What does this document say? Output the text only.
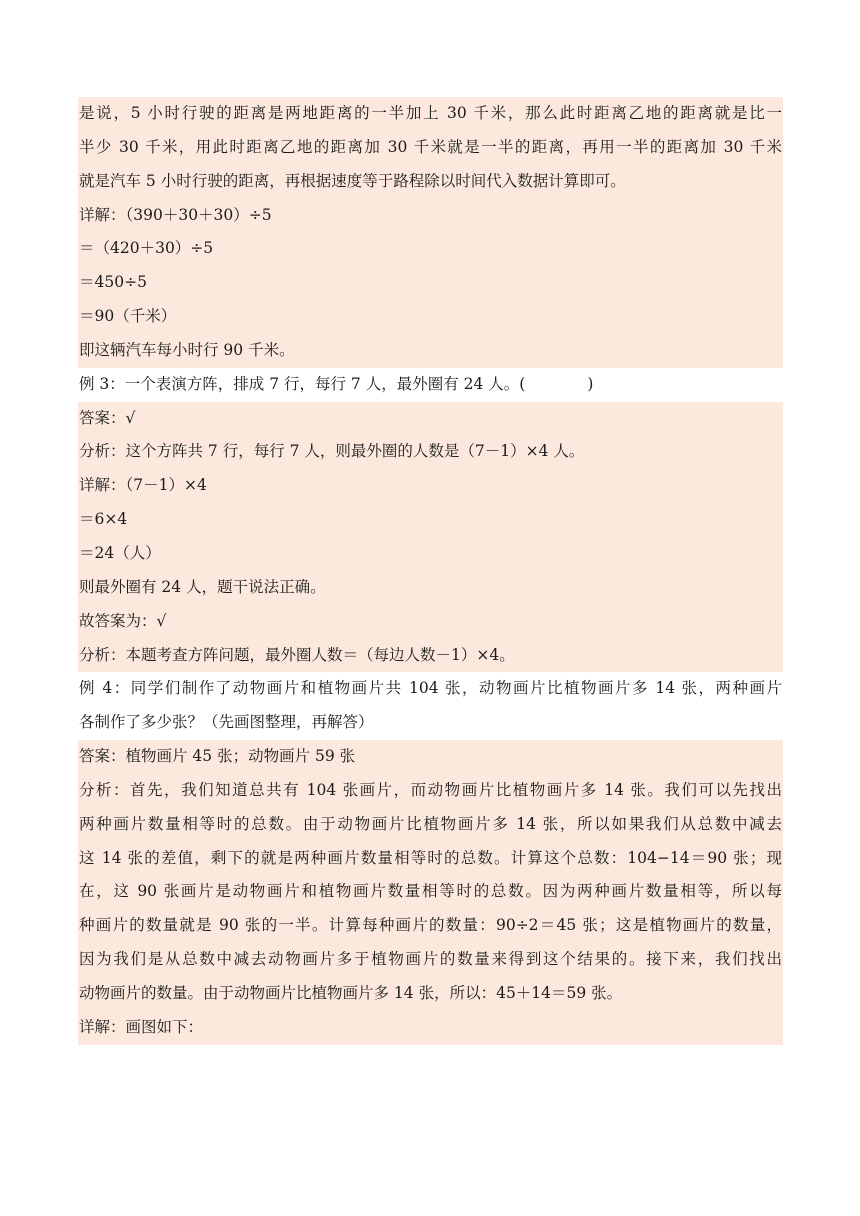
是说，5 小时行驶的距离是两地距离的一半加上 30 千米，那么此时距离乙地的距离就是比一
半少 30 千米，用此时距离乙地的距离加 30 千米就是一半的距离，再用一半的距离加 30 千米
就是汽车 5 小时行驶的距离，再根据速度等于路程除以时间代入数据计算即可。
详解：（390＋30＋30）÷5
＝（420＋30）÷5
＝450÷5
＝90（千米）
即这辆汽车每小时行 90 千米。
例 3：一个表演方阵，排成 7 行，每行 7 人，最外圈有 24 人。(　　　　)
答案：√
分析：这个方阵共 7 行，每行 7 人，则最外圈的人数是（7－1）×4 人。
详解：（7－1）×4
＝6×4
＝24（人）
则最外圈有 24 人，题干说法正确。
故答案为：√
分析：本题考查方阵问题，最外圈人数＝（每边人数－1）×4。
例 4：同学们制作了动物画片和植物画片共 104 张，动物画片比植物画片多 14 张，两种画片
各制作了多少张？（先画图整理，再解答）
答案：植物画片 45 张；动物画片 59 张
分析：首先，我们知道总共有 104 张画片，而动物画片比植物画片多 14 张。我们可以先找出
两种画片数量相等时的总数。由于动物画片比植物画片多 14 张，所以如果我们从总数中减去
这 14 张的差值，剩下的就是两种画片数量相等时的总数。计算这个总数：104−14＝90 张；现
在，这 90 张画片是动物画片和植物画片数量相等时的总数。因为两种画片数量相等，所以每
种画片的数量就是 90 张的一半。计算每种画片的数量：90÷2＝45 张；这是植物画片的数量，
因为我们是从总数中减去动物画片多于植物画片的数量来得到这个结果的。接下来，我们找出
动物画片的数量。由于动物画片比植物画片多 14 张，所以：45＋14＝59 张。
详解：画图如下：
